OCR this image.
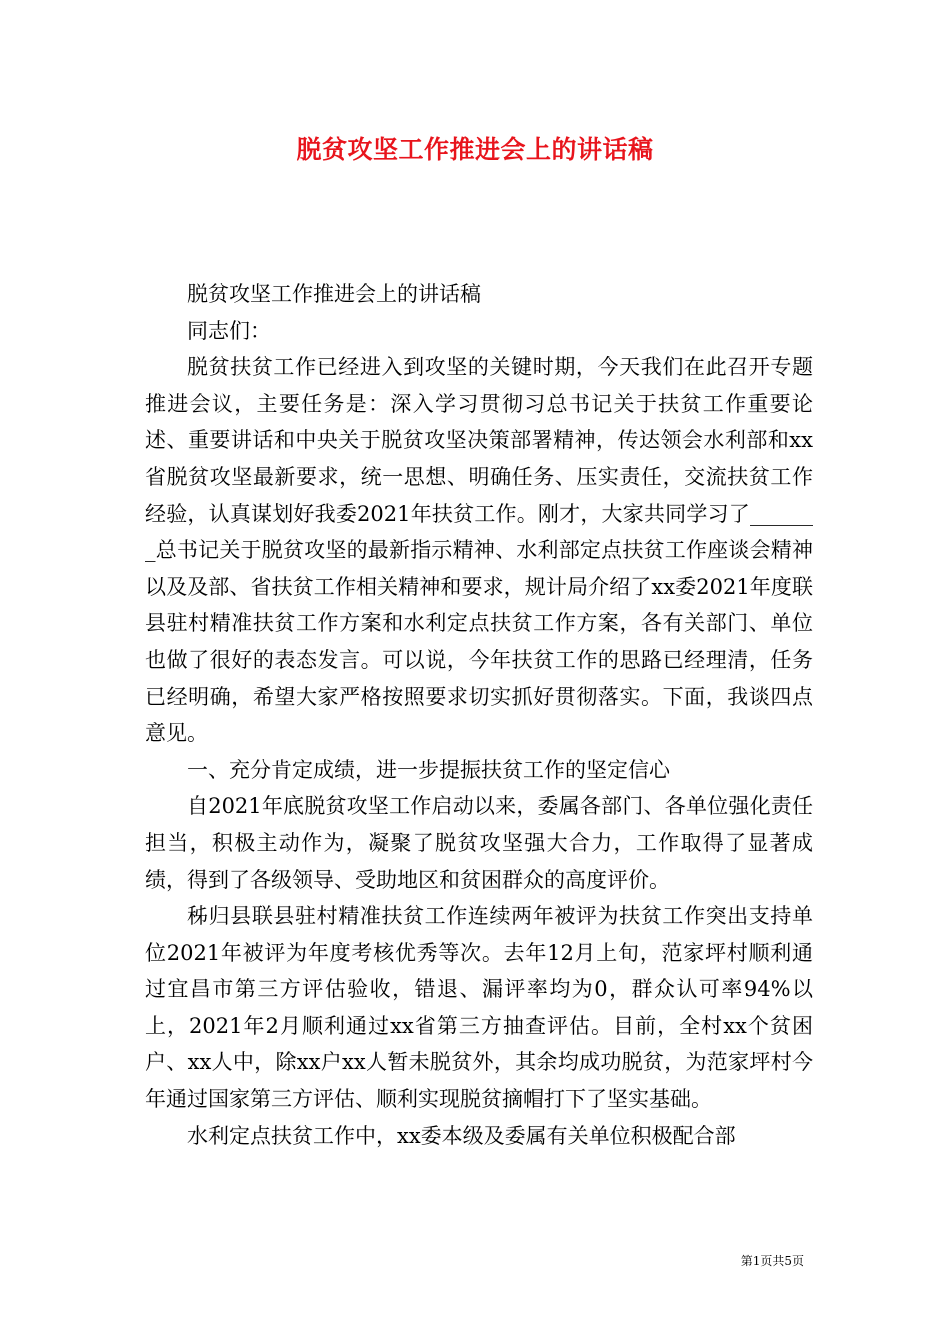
脱贫攻坚工作推进会上的讲话稿

脱贫攻坚工作推进会上的讲话稿

同志们：

脱贫扶贫工作已经进入到攻坚的关键时期，今天我们在此召开专题推进会议，主要任务是：深入学习贯彻习总书记关于扶贫工作重要论述、重要讲话和中央关于脱贫攻坚决策部署精神，传达领会水利部和xx省脱贫攻坚最新要求，统一思想、明确任务、压实责任，交流扶贫工作经验，认真谋划好我委2021年扶贫工作。刚才，大家共同学习了_______总书记关于脱贫攻坚的最新指示精神、水利部定点扶贫工作座谈会精神以及及部、省扶贫工作相关精神和要求，规计局介绍了xx委2021年度联县驻村精准扶贫工作方案和水利定点扶贫工作方案，各有关部门、单位也做了很好的表态发言。可以说，今年扶贫工作的思路已经理清，任务已经明确，希望大家严格按照要求切实抓好贯彻落实。下面，我谈四点意见。

一、充分肯定成绩，进一步提振扶贫工作的坚定信心

自2021年底脱贫攻坚工作启动以来，委属各部门、各单位强化责任担当，积极主动作为，凝聚了脱贫攻坚强大合力，工作取得了显著成绩，得到了各级领导、受助地区和贫困群众的高度评价。

秭归县联县驻村精准扶贫工作连续两年被评为扶贫工作突出支持单位2021年被评为年度考核优秀等次。去年12月上旬，范家坪村顺利通过宜昌市第三方评估验收，错退、漏评率均为0，群众认可率94%以上，2021年2月顺利通过xx省第三方抽查评估。目前，全村xx个贫困户、xx人中，除xx户xx人暂未脱贫外，其余均成功脱贫，为范家坪村今年通过国家第三方评估、顺利实现脱贫摘帽打下了坚实基础。

水利定点扶贫工作中，xx委本级及委属有关单位积极配合部

第1页共5页
